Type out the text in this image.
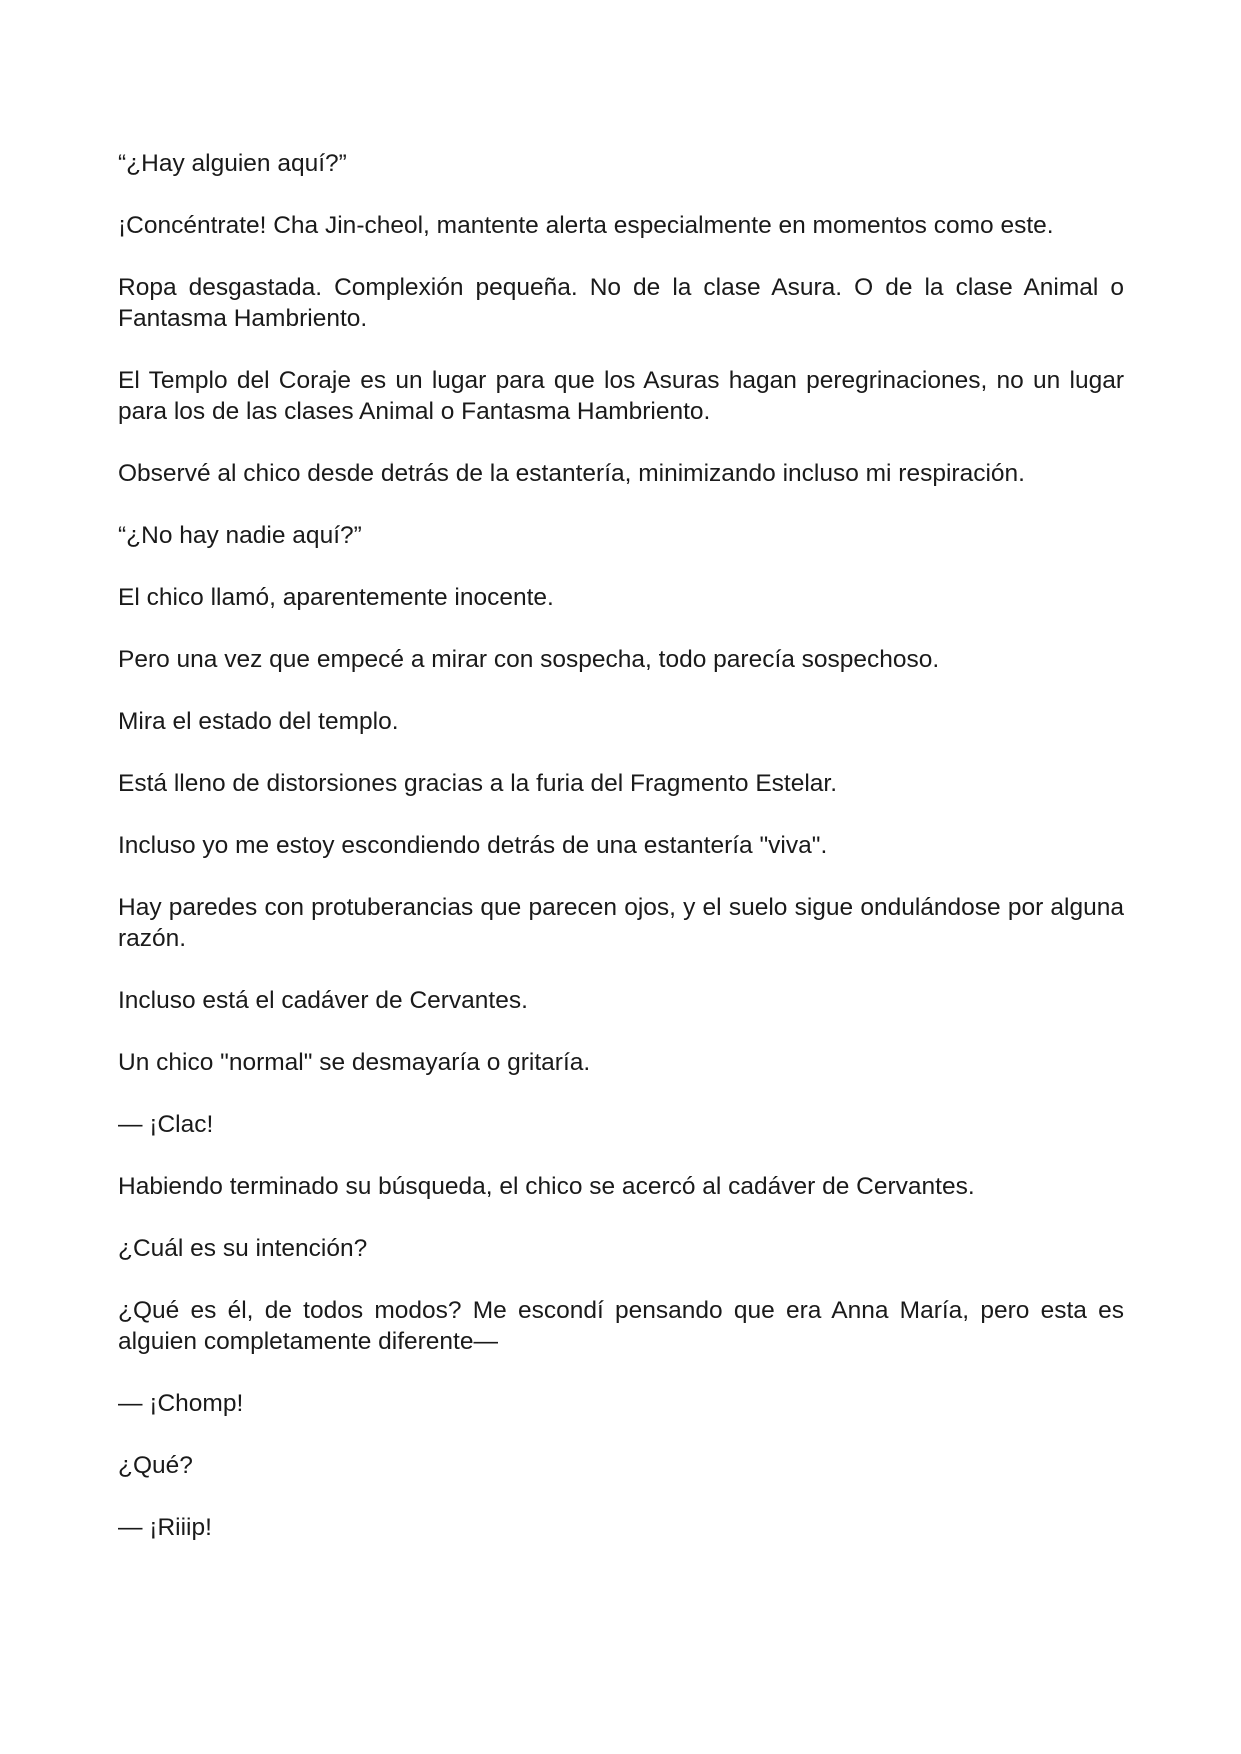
“¿Hay alguien aquí?”

¡Concéntrate! Cha Jin-cheol, mantente alerta especialmente en momentos como este.

Ropa desgastada. Complexión pequeña. No de la clase Asura. O de la clase Animal o Fantasma Hambriento.

El Templo del Coraje es un lugar para que los Asuras hagan peregrinaciones, no un lugar para los de las clases Animal o Fantasma Hambriento.

Observé al chico desde detrás de la estantería, minimizando incluso mi respiración.

“¿No hay nadie aquí?”

El chico llamó, aparentemente inocente.

Pero una vez que empecé a mirar con sospecha, todo parecía sospechoso.

Mira el estado del templo.

Está lleno de distorsiones gracias a la furia del Fragmento Estelar.

Incluso yo me estoy escondiendo detrás de una estantería "viva".

Hay paredes con protuberancias que parecen ojos, y el suelo sigue ondulándose por alguna razón.

Incluso está el cadáver de Cervantes.

Un chico "normal" se desmayaría o gritaría.

— ¡Clac!

Habiendo terminado su búsqueda, el chico se acercó al cadáver de Cervantes.

¿Cuál es su intención?

¿Qué es él, de todos modos? Me escondí pensando que era Anna María, pero esta es alguien completamente diferente—

— ¡Chomp!

¿Qué?

— ¡Riiip!
